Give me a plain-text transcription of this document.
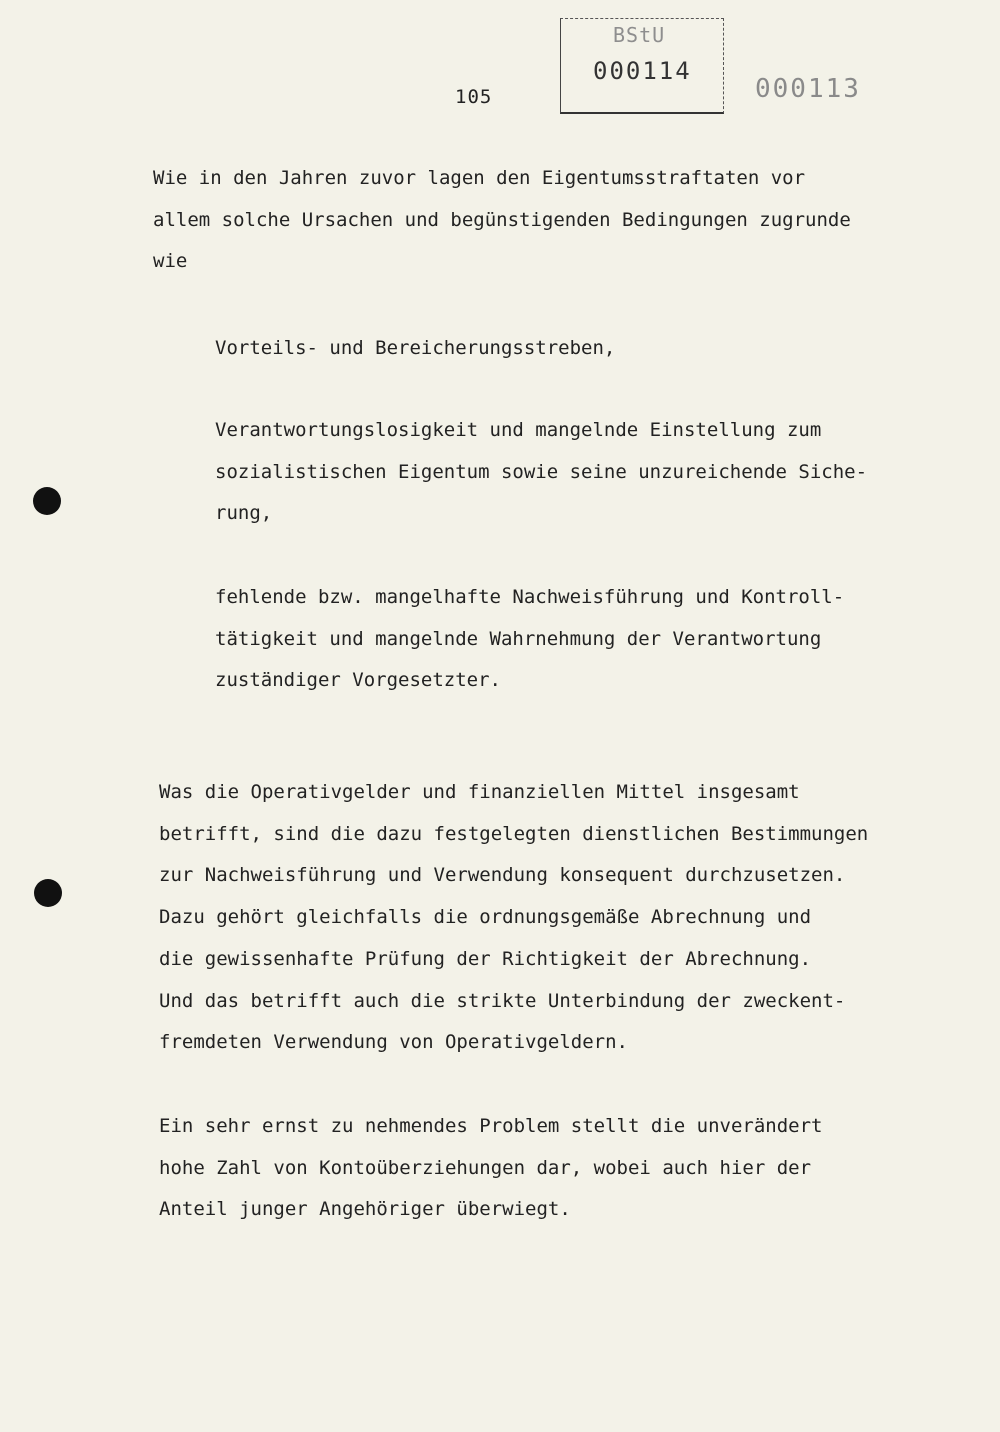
105
BStU
000114
000113

Wie in den Jahren zuvor lagen den Eigentumsstraftaten vor
allem solche Ursachen und begünstigenden Bedingungen zugrunde
wie

Vorteils- und Bereicherungsstreben,

Verantwortungslosigkeit und mangelnde Einstellung zum
sozialistischen Eigentum sowie seine unzureichende Siche-
rung,

fehlende bzw. mangelhafte Nachweisführung und Kontroll-
tätigkeit und mangelnde Wahrnehmung der Verantwortung
zuständiger Vorgesetzter.

Was die Operativgelder und finanziellen Mittel insgesamt
betrifft, sind die dazu festgelegten dienstlichen Bestimmungen
zur Nachweisführung und Verwendung konsequent durchzusetzen.
Dazu gehört gleichfalls die ordnungsgemäße Abrechnung und
die gewissenhafte Prüfung der Richtigkeit der Abrechnung.
Und das betrifft auch die strikte Unterbindung der zweckent-
fremdeten Verwendung von Operativgeldern.

Ein sehr ernst zu nehmendes Problem stellt die unverändert
hohe Zahl von Kontoüberziehungen dar, wobei auch hier der
Anteil junger Angehöriger überwiegt.
